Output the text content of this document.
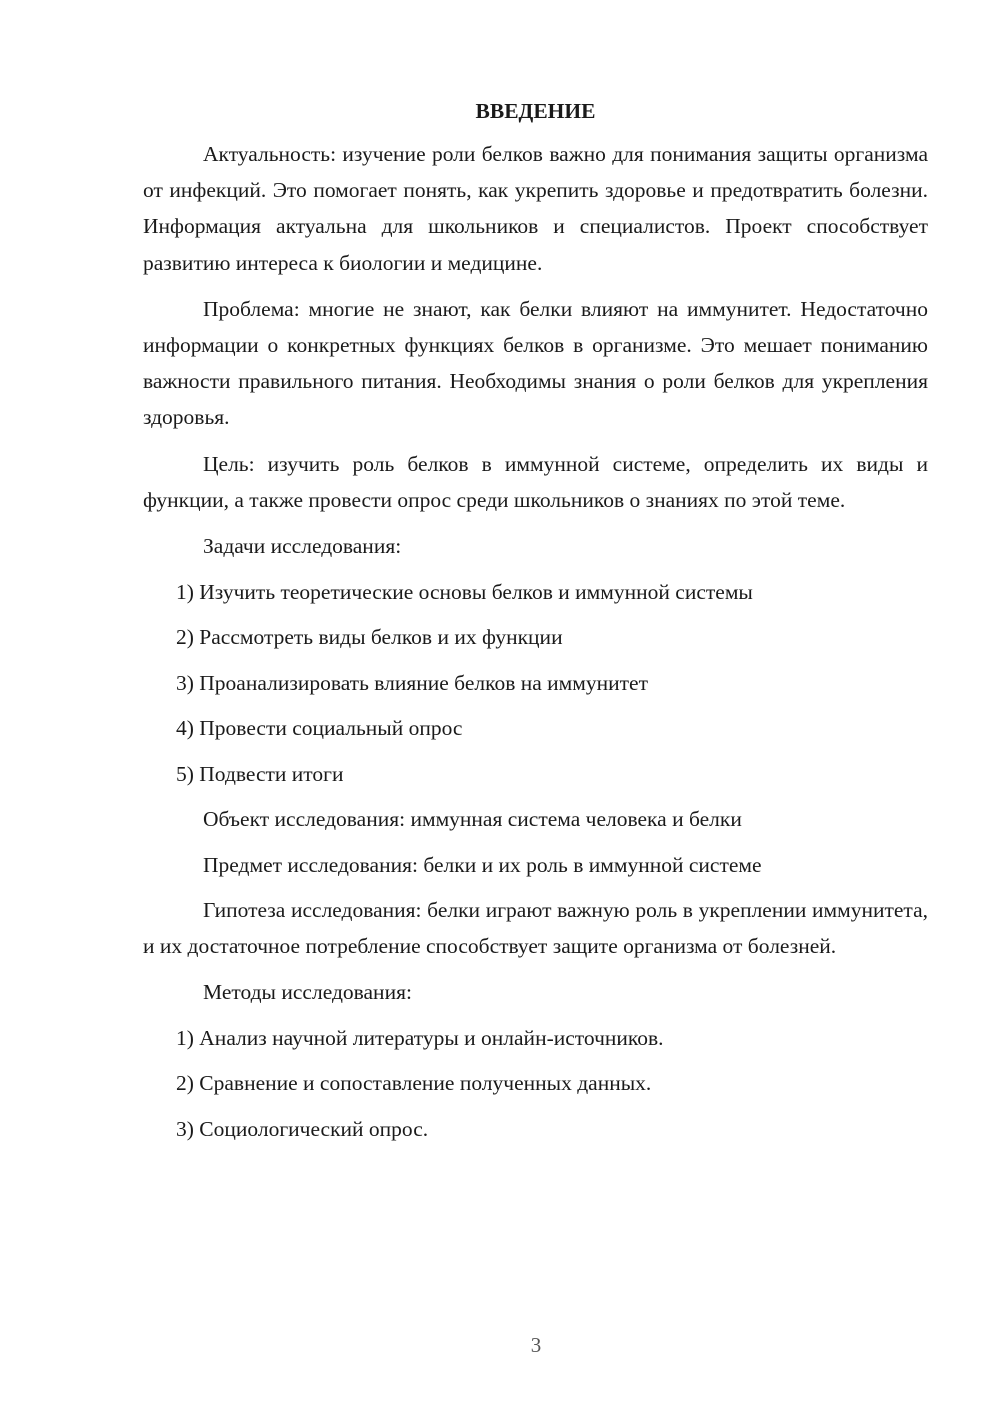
ВВЕДЕНИЕ
Актуальность: изучение роли белков важно для понимания защиты организма от инфекций. Это помогает понять, как укрепить здоровье и предотвратить болезни. Информация актуальна для школьников и специалистов. Проект способствует развитию интереса к биологии и медицине.
Проблема: многие не знают, как белки влияют на иммунитет. Недостаточно информации о конкретных функциях белков в организме. Это мешает пониманию важности правильного питания. Необходимы знания о роли белков для укрепления здоровья.
Цель: изучить роль белков в иммунной системе, определить их виды и функции, а также провести опрос среди школьников о знаниях по этой теме.
Задачи исследования:
1) Изучить теоретические основы белков и иммунной системы
2) Рассмотреть виды белков и их функции
3) Проанализировать влияние белков на иммунитет
4) Провести социальный опрос
5) Подвести итоги
Объект исследования: иммунная система человека и белки
Предмет исследования: белки и их роль в иммунной системе
Гипотеза исследования: белки играют важную роль в укреплении иммунитета, и их достаточное потребление способствует защите организма от болезней.
Методы исследования:
1) Анализ научной литературы и онлайн-источников.
2) Сравнение и сопоставление полученных данных.
3) Социологический опрос.
3
